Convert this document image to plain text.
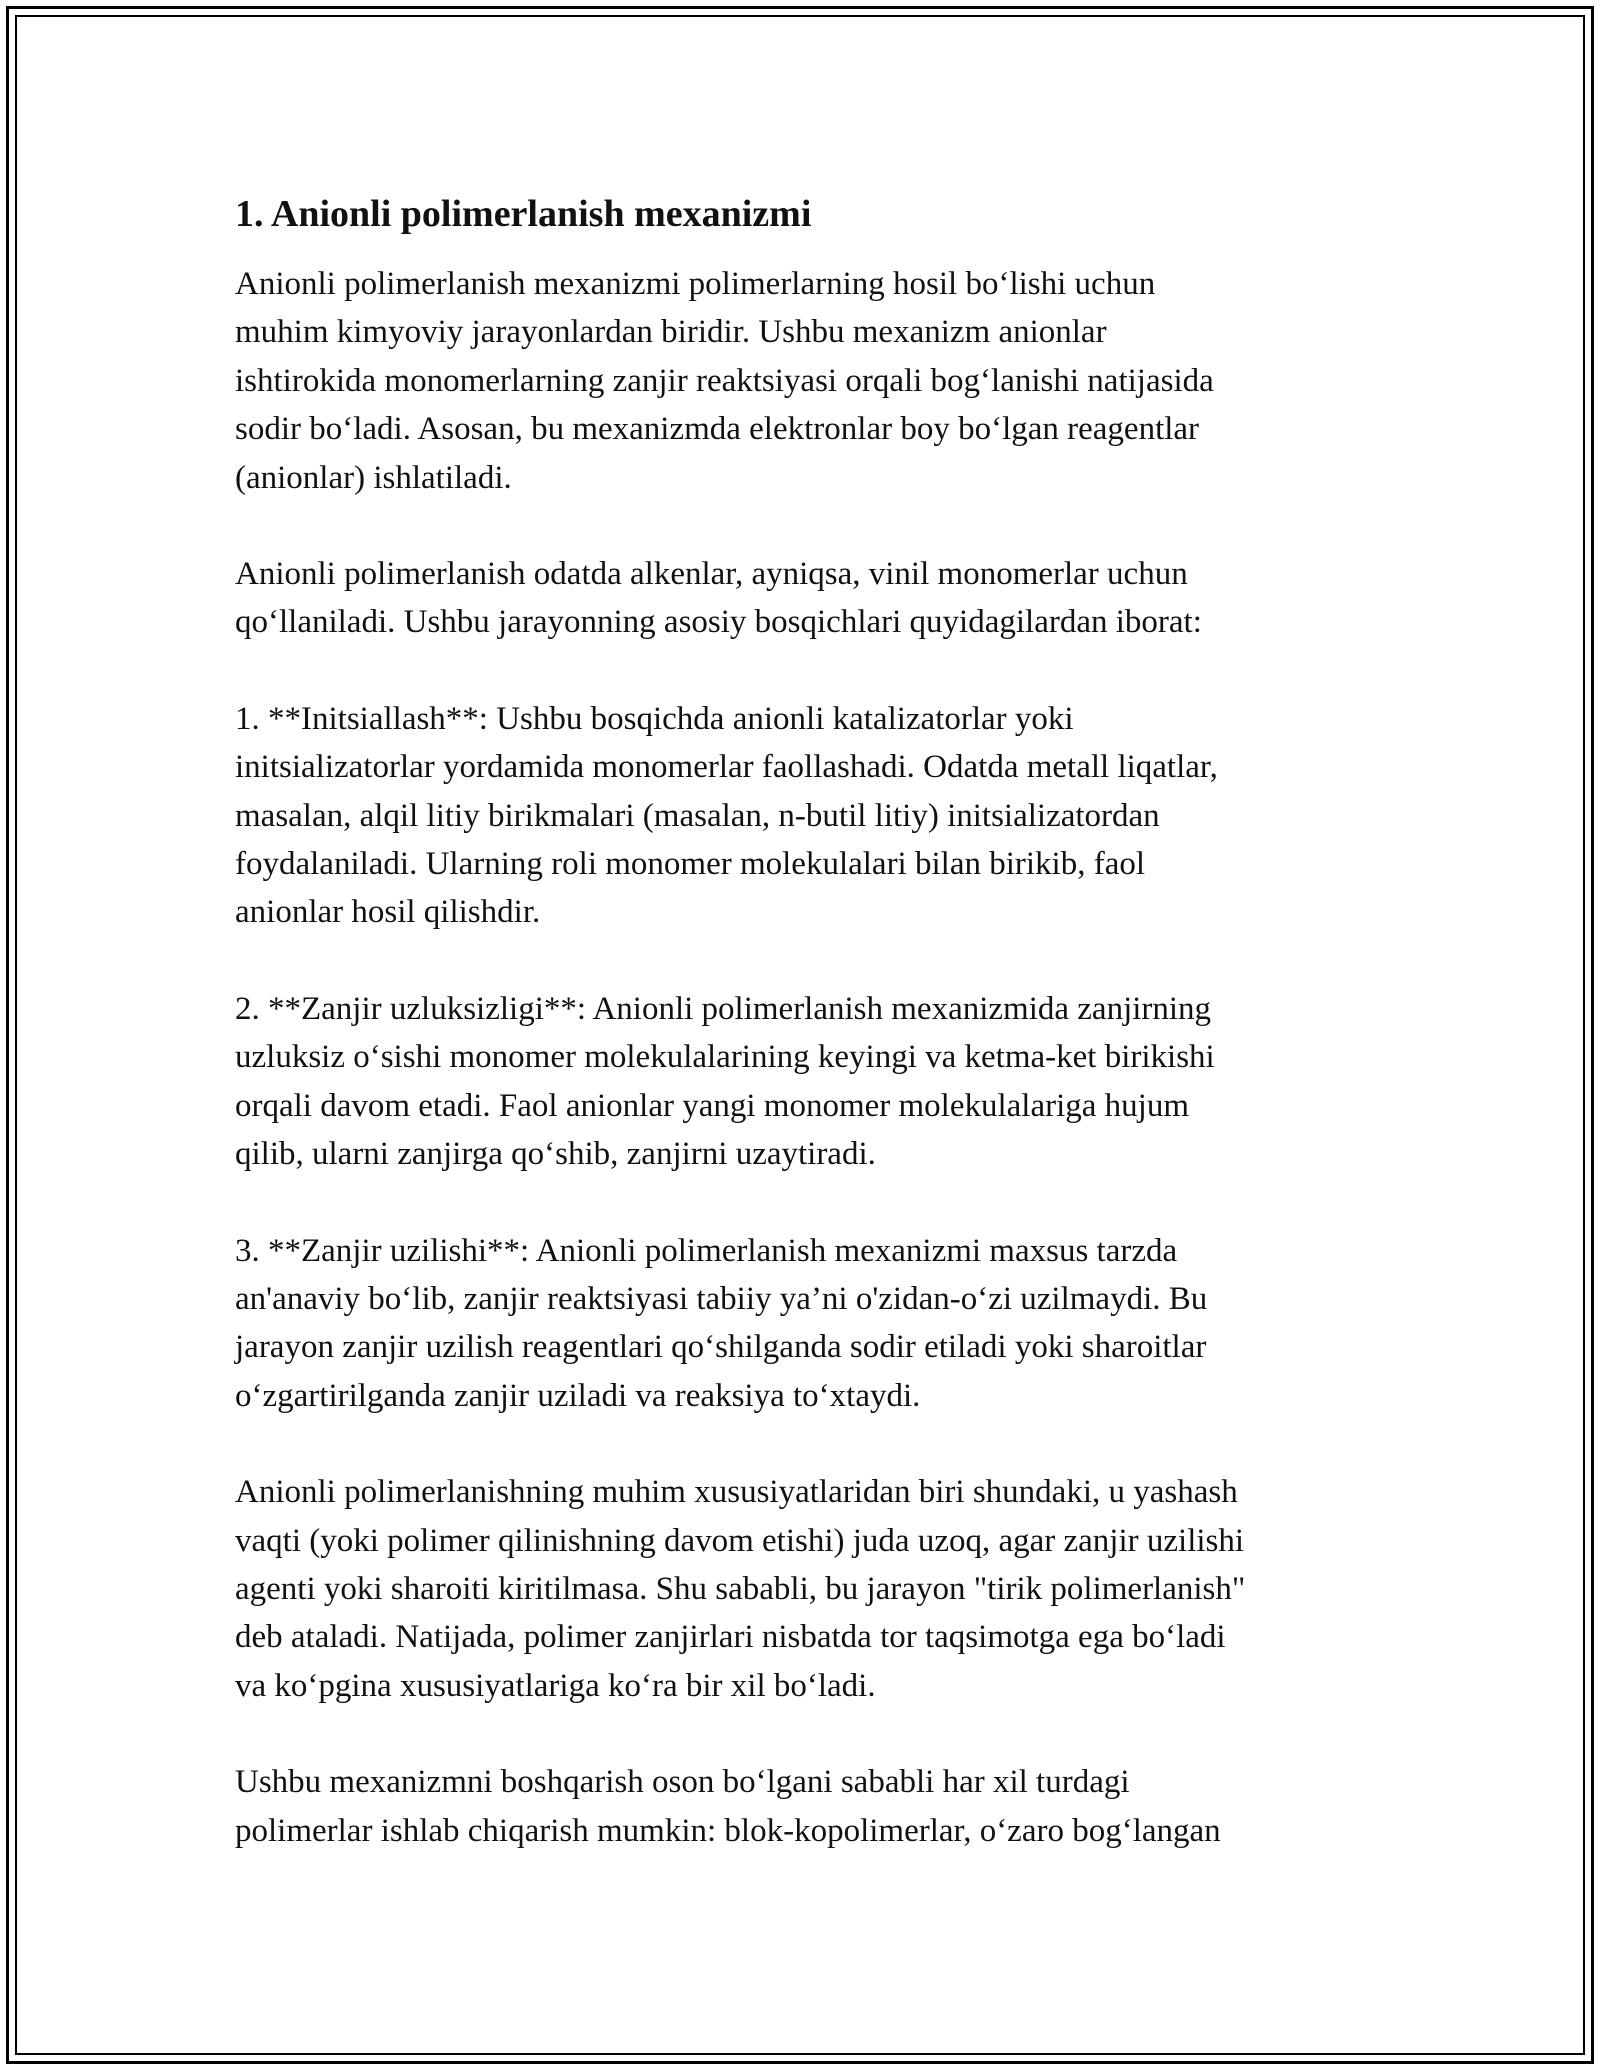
1. Anionli polimerlanish mexanizmi
Anionli polimerlanish mexanizmi polimerlarning hosil bo‘lishi uchun
muhim kimyoviy jarayonlardan biridir. Ushbu mexanizm anionlar
ishtirokida monomerlarning zanjir reaktsiyasi orqali bog‘lanishi natijasida
sodir bo‘ladi. Asosan, bu mexanizmda elektronlar boy bo‘lgan reagentlar
(anionlar) ishlatiladi.
Anionli polimerlanish odatda alkenlar, ayniqsa, vinil monomerlar uchun
qo‘llaniladi. Ushbu jarayonning asosiy bosqichlari quyidagilardan iborat:
1. **Initsiallash**: Ushbu bosqichda anionli katalizatorlar yoki
initsializatorlar yordamida monomerlar faollashadi. Odatda metall liqatlar,
masalan, alqil litiy birikmalari (masalan, n-butil litiy) initsializatordan
foydalaniladi. Ularning roli monomer molekulalari bilan birikib, faol
anionlar hosil qilishdir.
2. **Zanjir uzluksizligi**: Anionli polimerlanish mexanizmida zanjirning
uzluksiz o‘sishi monomer molekulalarining keyingi va ketma-ket birikishi
orqali davom etadi. Faol anionlar yangi monomer molekulalariga hujum
qilib, ularni zanjirga qo‘shib, zanjirni uzaytiradi.
3. **Zanjir uzilishi**: Anionli polimerlanish mexanizmi maxsus tarzda
an'anaviy bo‘lib, zanjir reaktsiyasi tabiiy ya’ni o'zidan-o‘zi uzilmaydi. Bu
jarayon zanjir uzilish reagentlari qo‘shilganda sodir etiladi yoki sharoitlar
o‘zgartirilganda zanjir uziladi va reaksiya to‘xtaydi.
Anionli polimerlanishning muhim xususiyatlaridan biri shundaki, u yashash
vaqti (yoki polimer qilinishning davom etishi) juda uzoq, agar zanjir uzilishi
agenti yoki sharoiti kiritilmasa. Shu sababli, bu jarayon "tirik polimerlanish"
deb ataladi. Natijada, polimer zanjirlari nisbatda tor taqsimotga ega bo‘ladi
va ko‘pgina xususiyatlariga ko‘ra bir xil bo‘ladi.
Ushbu mexanizmni boshqarish oson bo‘lgani sababli har xil turdagi
polimerlar ishlab chiqarish mumkin: blok-kopolimerlar, o‘zaro bog‘langan
